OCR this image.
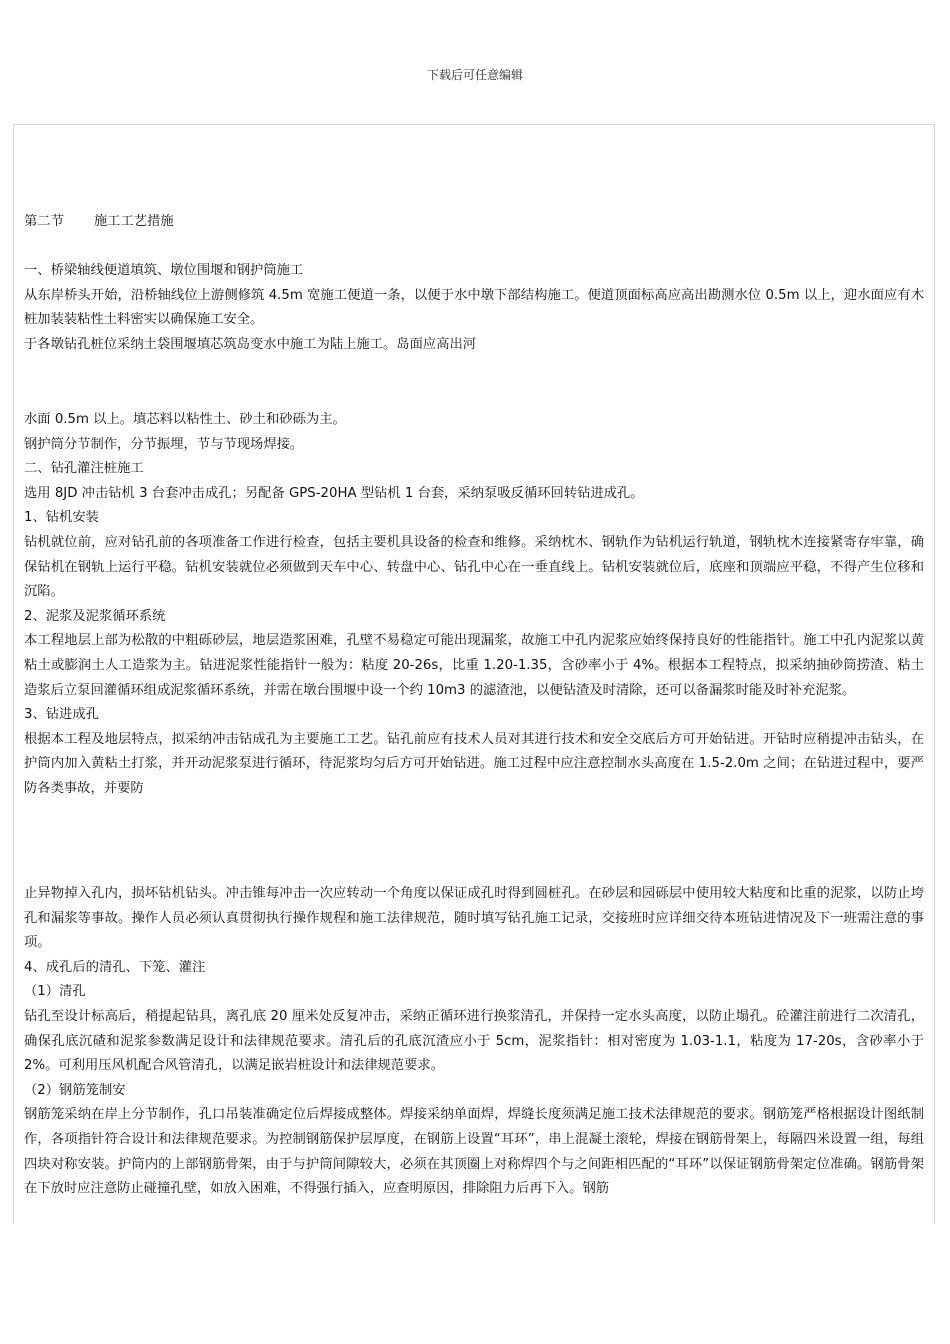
下载后可任意编辑
第二节 施工工艺措施

一、桥梁轴线便道填筑、墩位围堰和钢护筒施工

从东岸桥头开始，沿桥轴线位上游侧修筑 4.5m 宽施工便道一条，以便于水中墩下部结构施工。便道顶面标高应高出勘测水位 0.5m 以上，迎水面应有木桩加装装粘性土料密实以确保施工安全。

于各墩钻孔桩位采纳土袋围堰填芯筑岛变水中施工为陆上施工。岛面应高出河

水面 0.5m 以上。填芯料以粘性土、砂土和砂砾为主。

钢护筒分节制作，分节振埋，节与节现场焊接。

二、钻孔灌注桩施工

选用 8JD 冲击钻机 3 台套冲击成孔；另配备 GPS-20HA 型钻机 1 台套，采纳泵吸反循环回转钻进成孔。

1、钻机安装

钻机就位前，应对钻孔前的各项准备工作进行检查，包括主要机具设备的检查和维修。采纳枕木、钢轨作为钻机运行轨道，钢轨枕木连接紧寄存牢靠，确保钻机在钢轨上运行平稳。钻机安装就位必须做到天车中心、转盘中心、钻孔中心在一垂直线上。钻机安装就位后，底座和顶端应平稳，不得产生位移和沉陷。

2、泥浆及泥浆循环系统

本工程地层上部为松散的中粗砾砂层，地层造浆困难，孔壁不易稳定可能出现漏浆，故施工中孔内泥浆应始终保持良好的性能指针。施工中孔内泥浆以黄粘土或膨润土人工造浆为主。钻进泥浆性能指针一般为：粘度 20-26s，比重 1.20-1.35，含砂率小于 4%。根据本工程特点，拟采纳抽砂筒捞渣、粘土造浆后立泵回灌循环组成泥浆循环系统，并需在墩台围堰中设一个约 10m3 的滤渣池，以便钻渣及时清除，还可以备漏浆时能及时补充泥浆。

3、钻进成孔

根据本工程及地层特点，拟采纳冲击钻成孔为主要施工工艺。钻孔前应有技术人员对其进行技术和安全交底后方可开始钻进。开钻时应稍提冲击钻头，在护筒内加入黄粘土打浆，并开动泥浆泵进行循环，待泥浆均匀后方可开始钻进。施工过程中应注意控制水头高度在 1.5-2.0m 之间；在钻进过程中，要严防各类事故，并要防

止异物掉入孔内，损坏钻机钻头。冲击锥每冲击一次应转动一个角度以保证成孔时得到圆桩孔。在砂层和园砾层中使用较大粘度和比重的泥浆，以防止垮孔和漏浆等事故。操作人员必须认真贯彻执行操作规程和施工法律规范，随时填写钻孔施工记录，交接班时应详细交待本班钻进情况及下一班需注意的事项。

4、成孔后的清孔、下笼、灌注

（1）清孔

钻孔至设计标高后，稍提起钻具，离孔底 20 厘米处反复冲击，采纳正循环进行换浆清孔，并保持一定水头高度，以防止塌孔。砼灌注前进行二次清孔，确保孔底沉碴和泥浆参数满足设计和法律规范要求。清孔后的孔底沉渣应小于 5cm，泥浆指针：相对密度为 1.03-1.1，粘度为 17-20s，含砂率小于 2%。可利用压风机配合风管清孔，以满足嵌岩桩设计和法律规范要求。

（2）钢筋笼制安

钢筋笼采纳在岸上分节制作，孔口吊装准确定位后焊接成整体。焊接采纳单面焊，焊缝长度须满足施工技术法律规范的要求。钢筋笼严格根据设计图纸制作，各项指针符合设计和法律规范要求。为控制钢筋保护层厚度，在钢筋上设置“耳环”，串上混凝土滚轮，焊接在钢筋骨架上，每隔四米设置一组，每组四块对称安装。护筒内的上部钢筋骨架，由于与护筒间隙较大，必须在其顶圈上对称焊四个与之间距相匹配的“耳环”以保证钢筋骨架定位准确。钢筋骨架在下放时应注意防止碰撞孔壁，如放入困难，不得强行插入，应查明原因，排除阻力后再下入。钢筋
